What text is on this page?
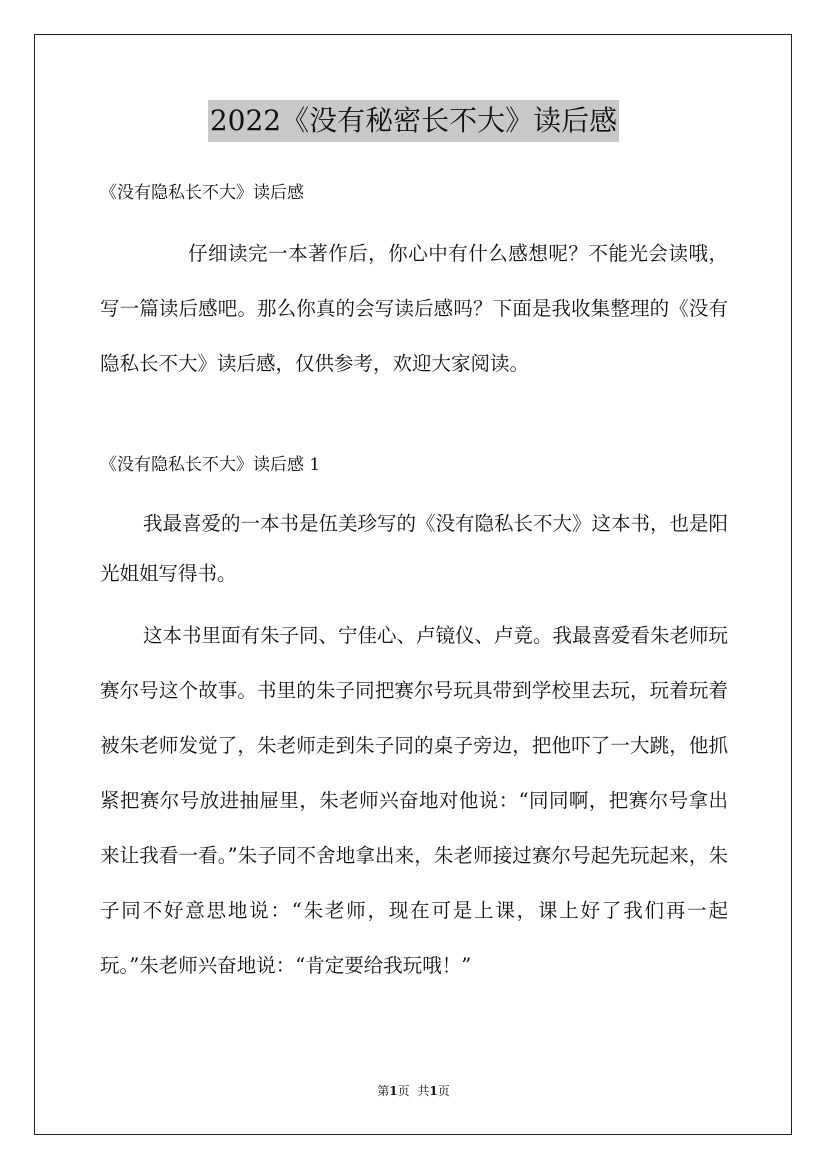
2022《没有秘密长不大》读后感
《没有隐私长不大》读后感

仔细读完一本著作后，你心中有什么感想呢？不能光会读哦，写一篇读后感吧。那么你真的会写读后感吗？下面是我收集整理的《没有隐私长不大》读后感，仅供参考，欢迎大家阅读。

《没有隐私长不大》读后感 1

我最喜爱的一本书是伍美珍写的《没有隐私长不大》这本书，也是阳光姐姐写得书。

这本书里面有朱子同、宁佳心、卢镜仪、卢竟。我最喜爱看朱老师玩赛尔号这个故事。书里的朱子同把赛尔号玩具带到学校里去玩，玩着玩着被朱老师发觉了，朱老师走到朱子同的桌子旁边，把他吓了一大跳，他抓紧把赛尔号放进抽屉里，朱老师兴奋地对他说：“同同啊，把赛尔号拿出来让我看一看。”朱子同不舍地拿出来，朱老师接过赛尔号起先玩起来，朱子同不好意思地说：“朱老师，现在可是上课，课上好了我们再一起玩。”朱老师兴奋地说：“肯定要给我玩哦！”

第1页 共1页
